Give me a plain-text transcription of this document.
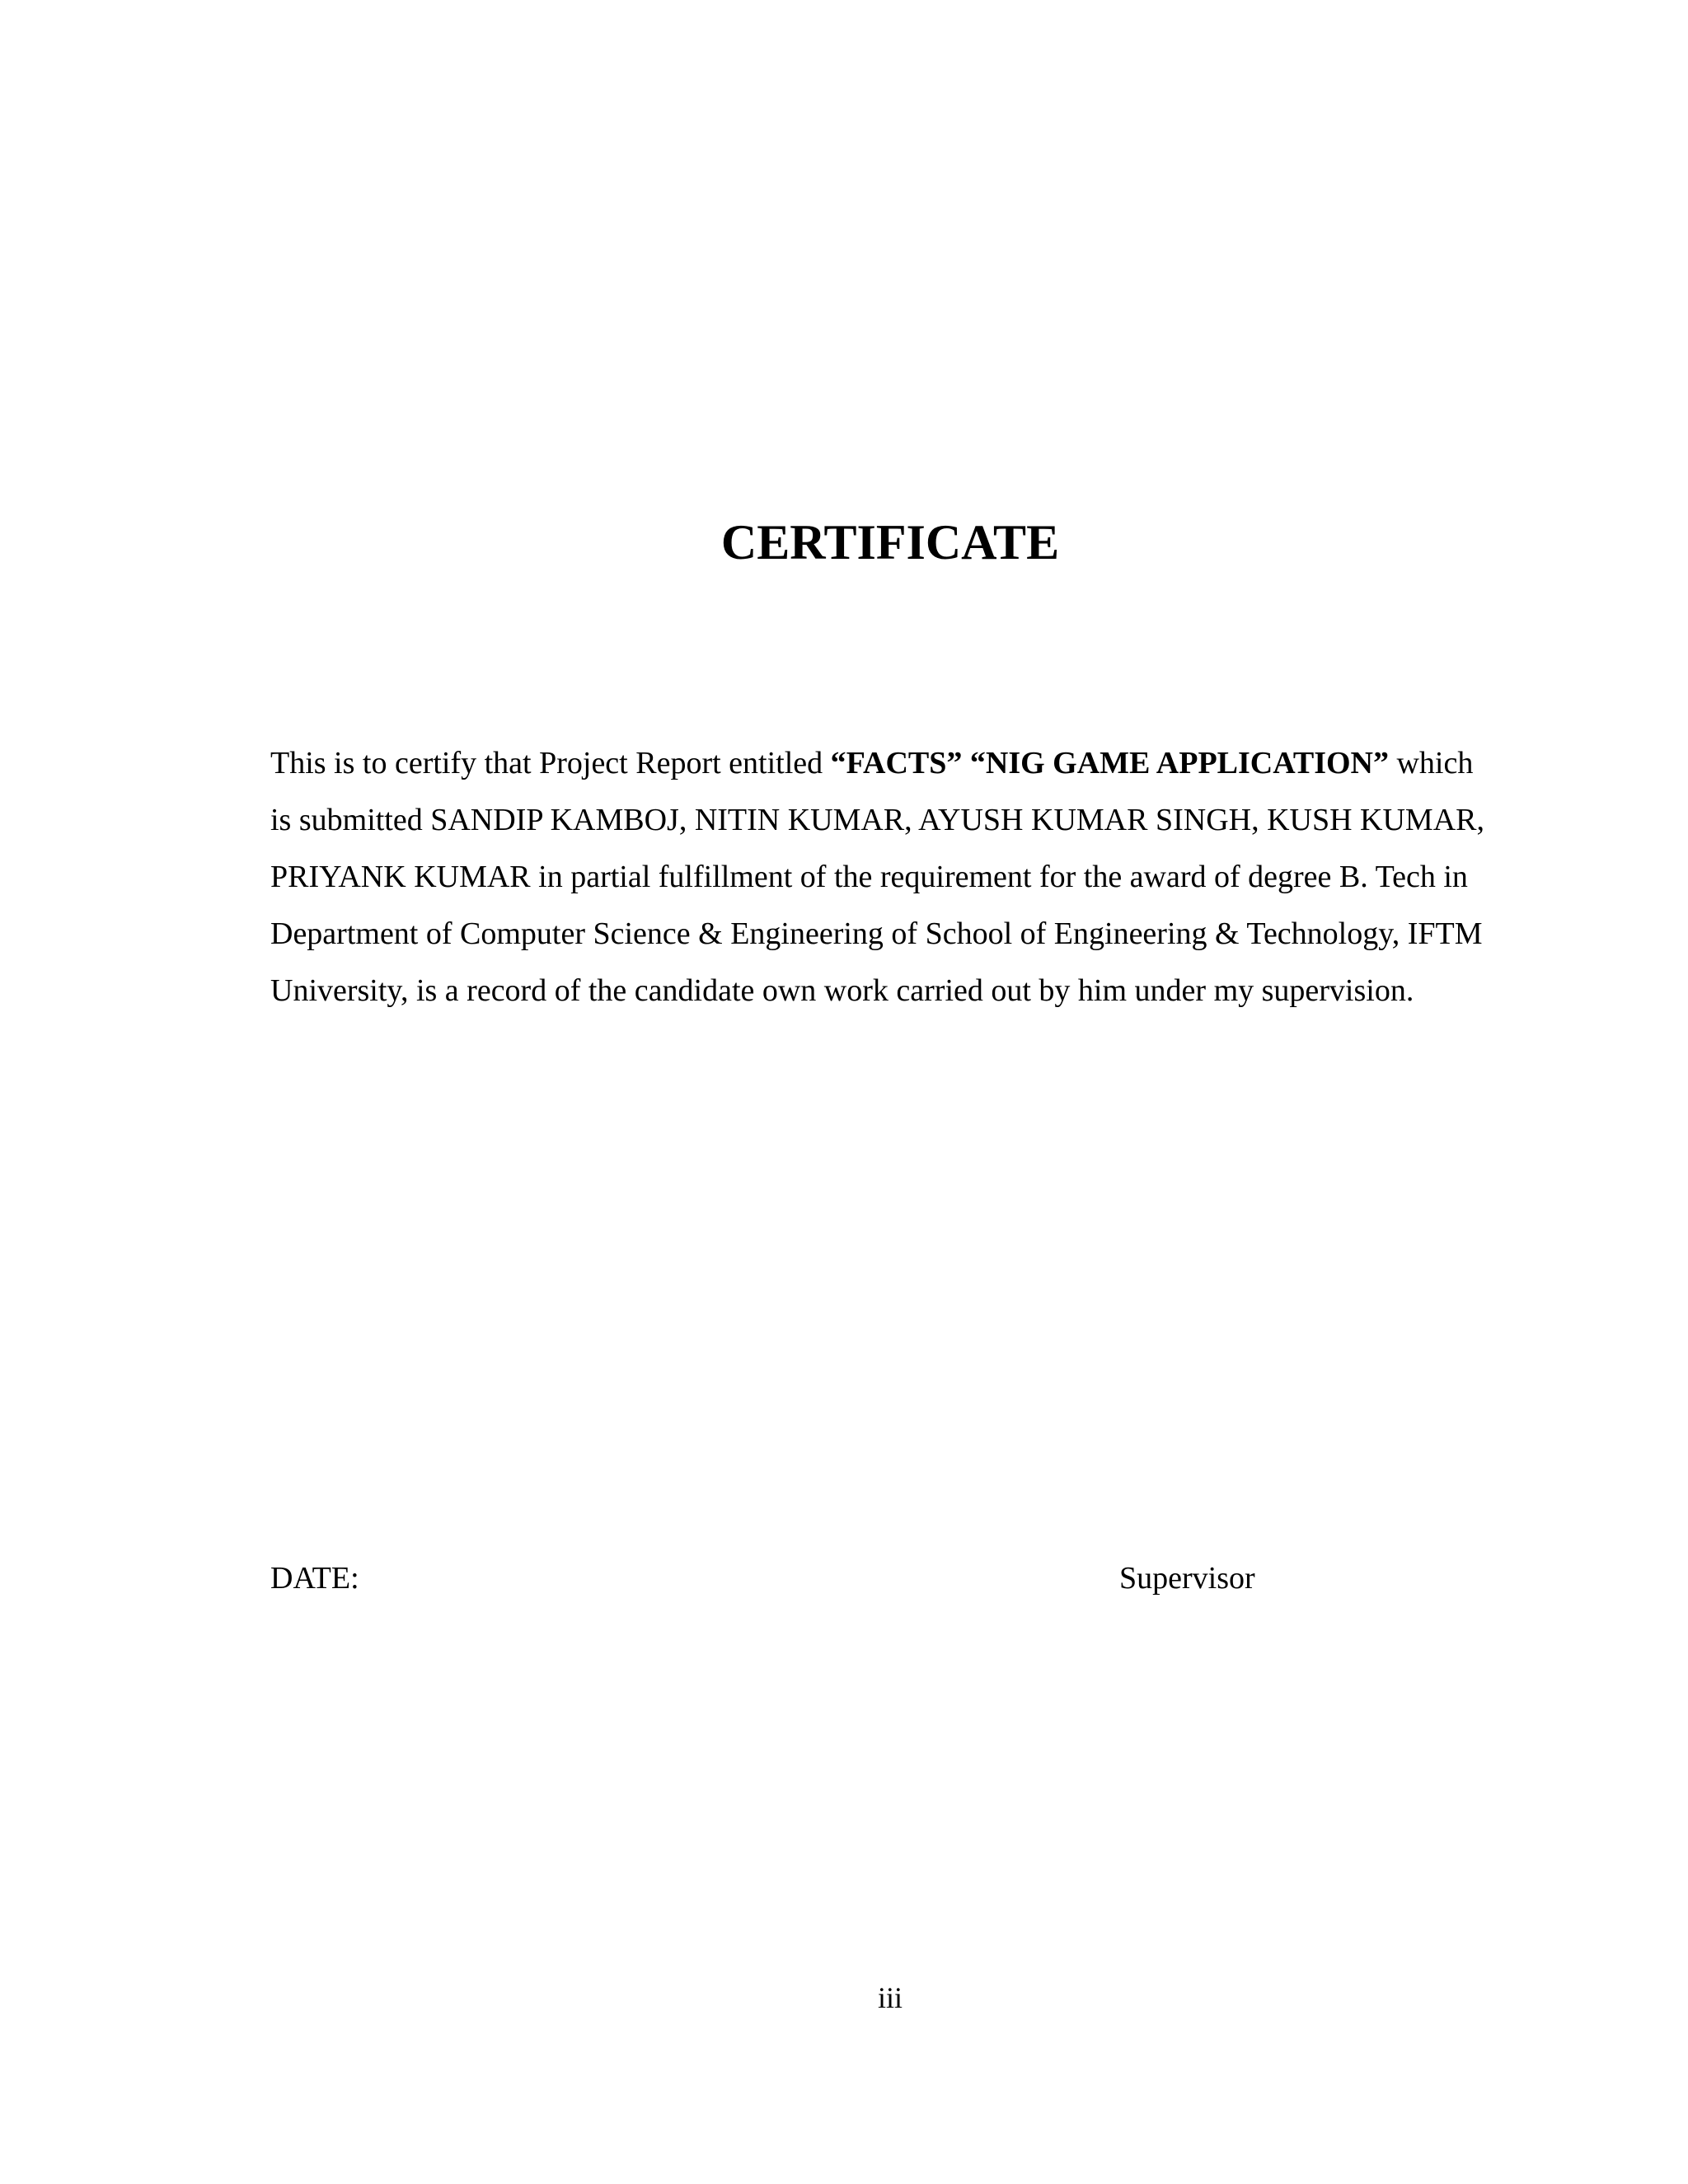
CERTIFICATE

This is to certify that Project Report entitled “FACTS” “NIG GAME APPLICATION” which is submitted SANDIP KAMBOJ, NITIN KUMAR, AYUSH KUMAR SINGH, KUSH KUMAR, PRIYANK KUMAR in partial fulfillment of the requirement for the award of degree B. Tech in Department of Computer Science & Engineering of School of Engineering & Technology, IFTM University, is a record of the candidate own work carried out by him under my supervision.

DATE:	Supervisor
iii
